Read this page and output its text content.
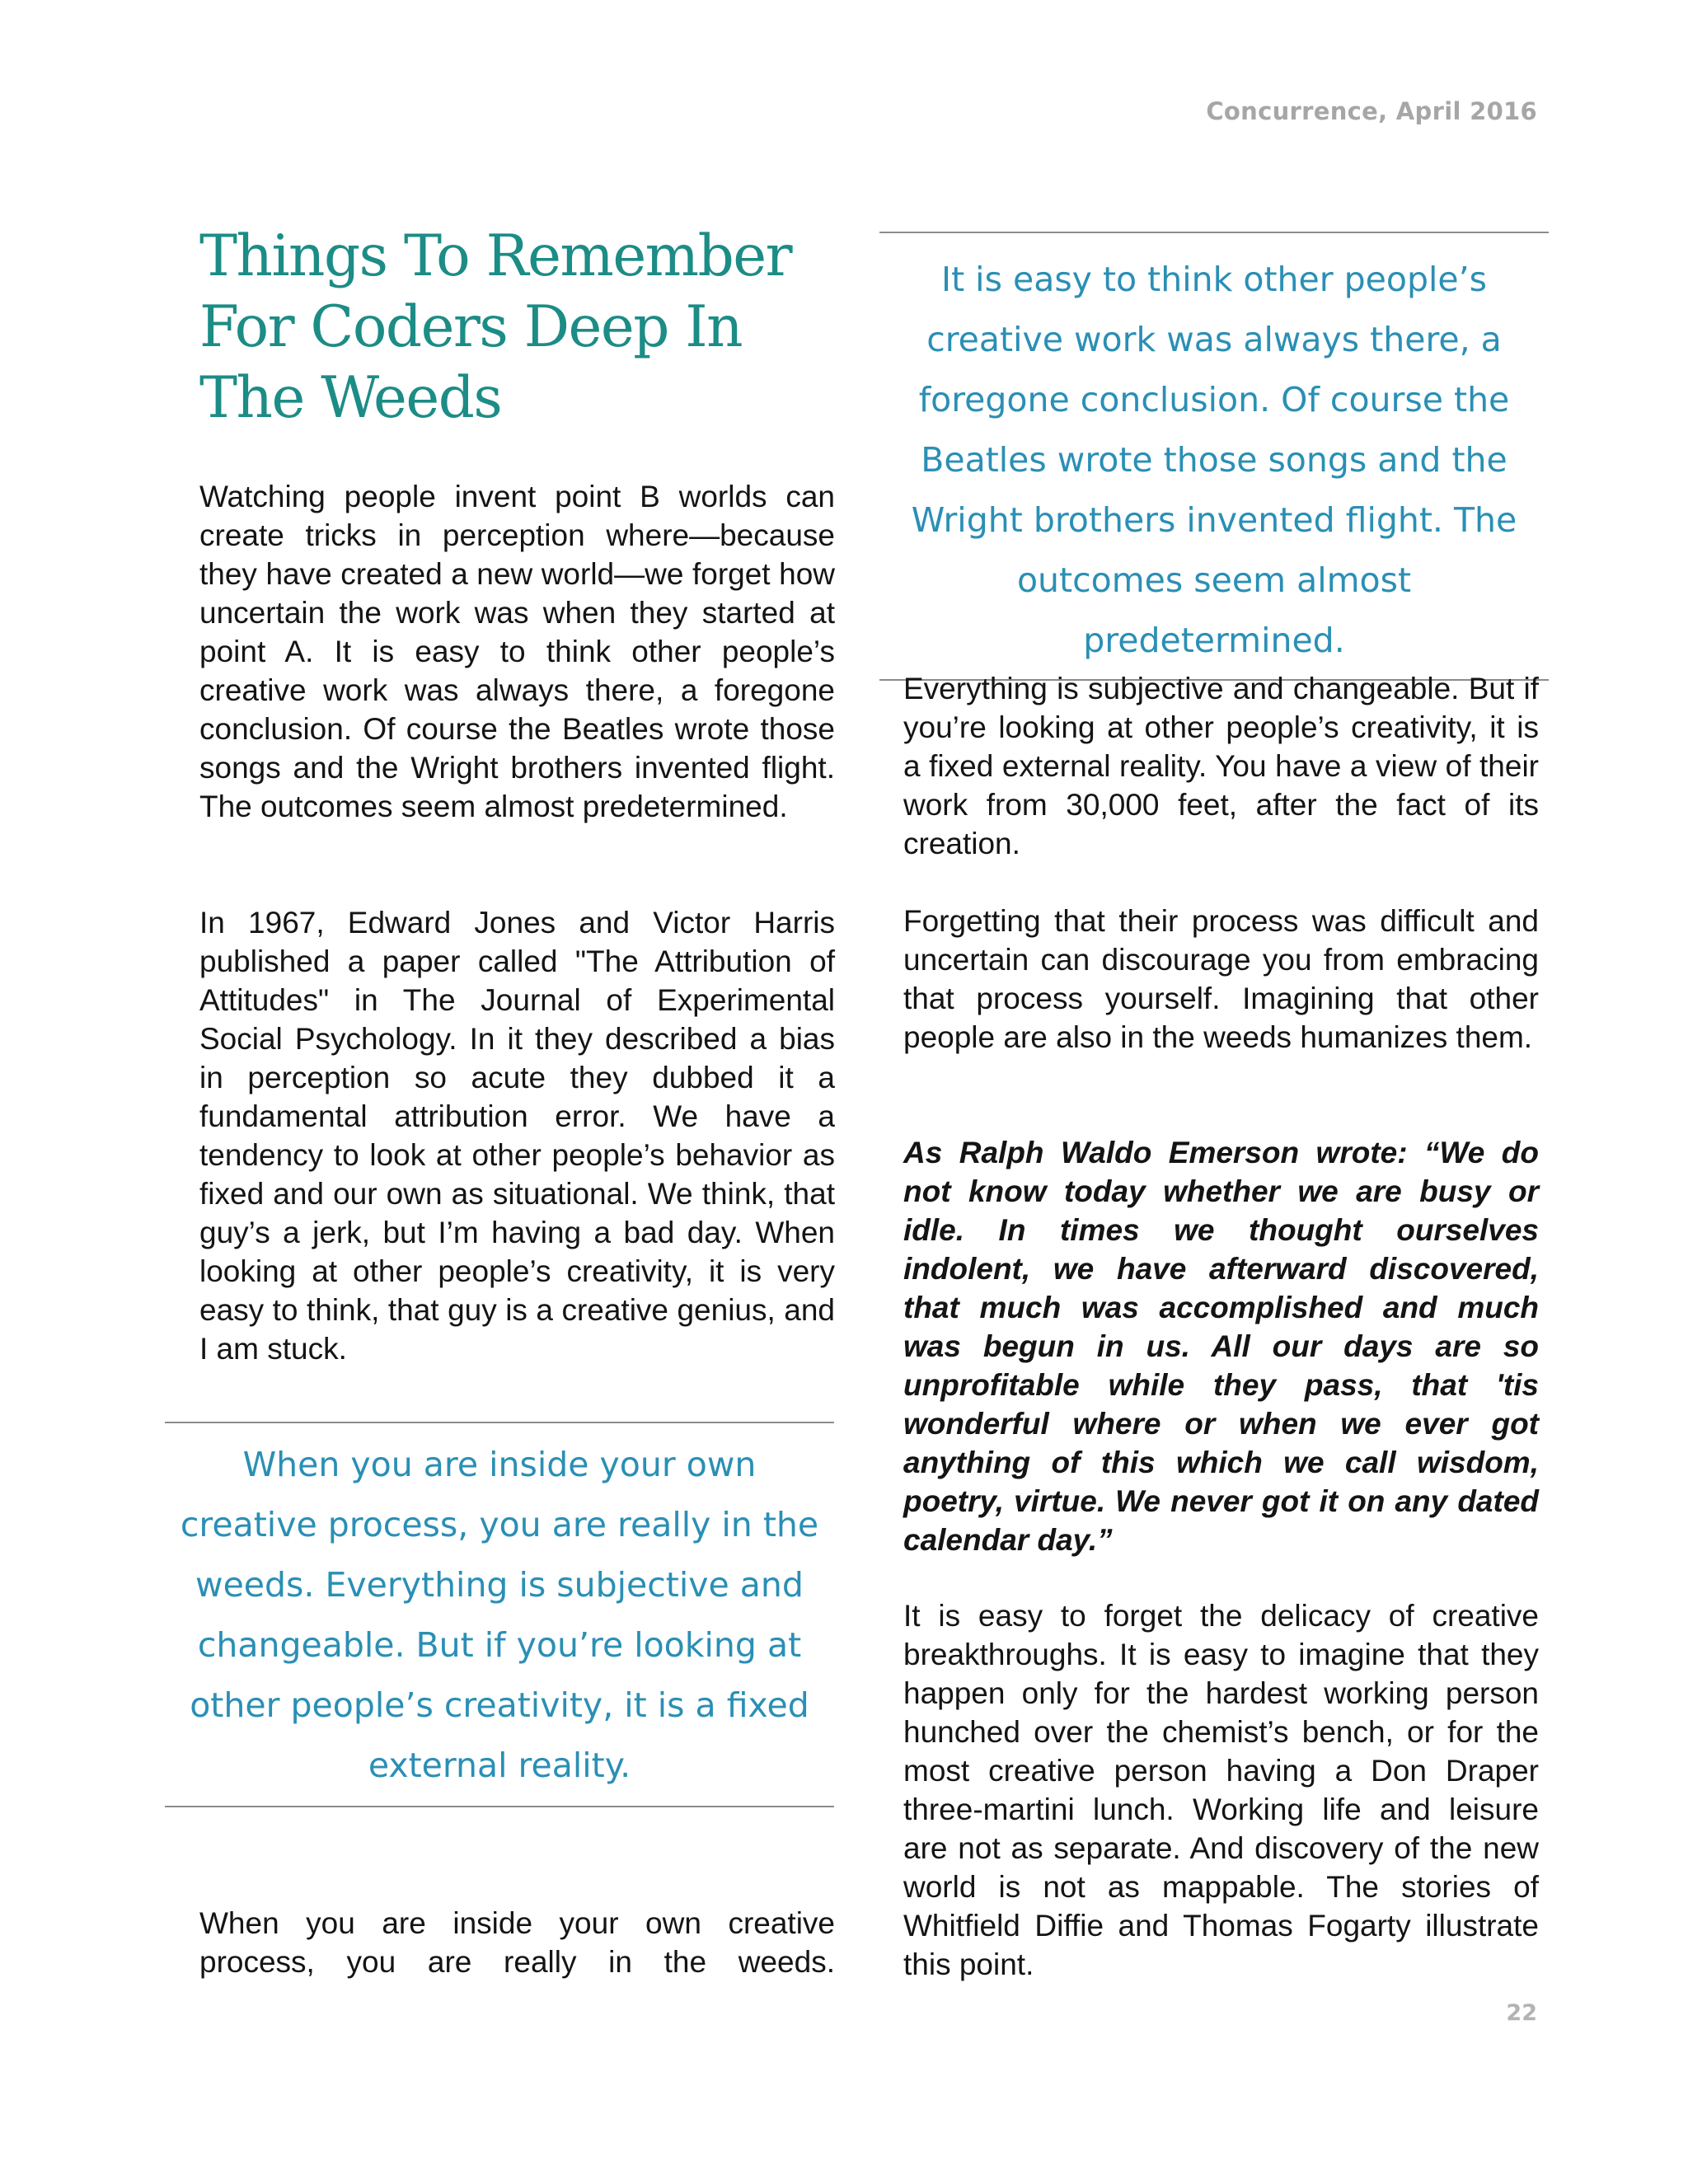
Concurrence, April 2016
Things To Remember For Coders Deep In The Weeds

Watching people invent point B worlds can create tricks in perception where—because they have created a new world—we forget how uncertain the work was when they started at point A. It is easy to think other people’s creative work was always there, a foregone conclusion. Of course the Beatles wrote those songs and the Wright brothers invented flight. The outcomes seem almost predetermined.

In 1967, Edward Jones and Victor Harris published a paper called "The Attribution of Attitudes" in The Journal of Experimental Social Psychology. In it they described a bias in perception so acute they dubbed it a fundamental attribution error. We have a tendency to look at other people’s behavior as fixed and our own as situational. We think, that guy’s a jerk, but I’m having a bad day. When looking at other people’s creativity, it is very easy to think, that guy is a creative genius, and I am stuck.

When you are inside your own creative process, you are really in the weeds. Everything is subjective and changeable. But if you’re looking at other people’s creativity, it is a fixed external reality.

When you are inside your own creative process, you are really in the weeds.

It is easy to think other people’s creative work was always there, a foregone conclusion. Of course the Beatles wrote those songs and the Wright brothers invented flight. The outcomes seem almost predetermined.

Everything is subjective and changeable. But if you’re looking at other people’s creativity, it is a fixed external reality. You have a view of their work from 30,000 feet, after the fact of its creation.

Forgetting that their process was difficult and uncertain can discourage you from embracing that process yourself. Imagining that other people are also in the weeds humanizes them.

As Ralph Waldo Emerson wrote: “We do not know today whether we are busy or idle. In times we thought ourselves indolent, we have afterward discovered, that much was accomplished and much was begun in us. All our days are so unprofitable while they pass, that 'tis wonderful where or when we ever got anything of this which we call wisdom, poetry, virtue. We never got it on any dated calendar day.”

It is easy to forget the delicacy of creative breakthroughs. It is easy to imagine that they happen only for the hardest working person hunched over the chemist’s bench, or for the most creative person having a Don Draper three-martini lunch. Working life and leisure are not as separate. And discovery of the new world is not as mappable. The stories of Whitfield Diffie and Thomas Fogarty illustrate this point.

22
